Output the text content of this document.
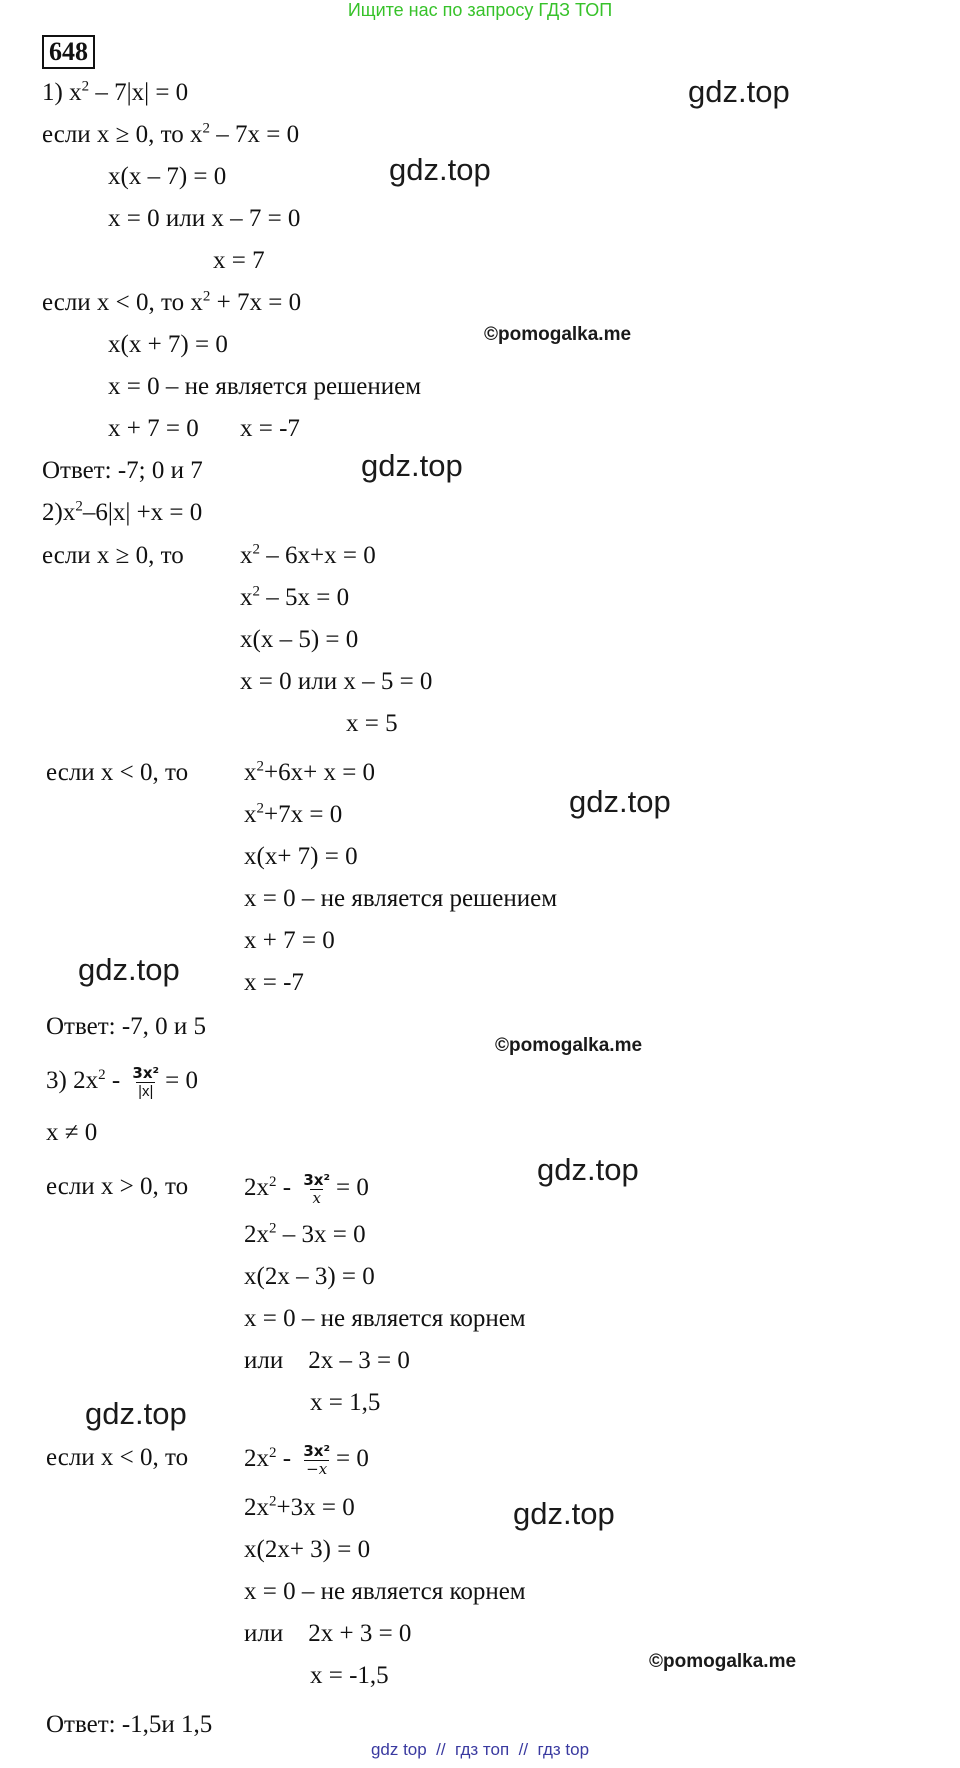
Ищите нас по запросу ГДЗ ТОП
648
1) $x^2 - 7|x| = 0$
если x ≥ 0, то $x^2 - 7x = 0$
x(x – 7) = 0
x = 0 или x – 7 = 0
x = 7
если x < 0, то $x^2 + 7x = 0$
x(x + 7) = 0
x = 0 – не является решением
x + 7 = 0 x = -7
Ответ: -7; 0 и 7
$2)x^2-6|x| +x = 0$
если x ≥ 0, то $x^2 - 6x+x = 0$
$x^2 - 5x = 0$
x(x – 5) = 0
x = 0 или x – 5 = 0
x = 5
если x < 0, то $x^2+6x+ x = 0$
$x^2+7x = 0$
x(x+ 7) = 0
x = 0 – не является решением
x + 7 = 0
x = -7
Ответ: -7, 0 и 5
3) $2x^2 - \frac{\text{3x²}}{|x|} = 0$
x ≠ 0
если x > 0, то $2x^2 - \frac{\text{3x²}}{x} = 0$
$2x^2 - 3x = 0$
x(2x – 3) = 0
x = 0 – не является корнем
или    2x – 3 = 0
x = 1,5
если x < 0, то $2x^2 - \frac{\text{3x²}}{-x} = 0$
$2x^2+3x = 0$
x(2x+ 3) = 0
x = 0 – не является корнем
или    2x + 3 = 0
x = -1,5
Ответ: -1,5и 1,5
gdz.top
gdz.top
©pomogalka.me
gdz.top
gdz.top
gdz.top
©pomogalka.me
gdz.top
gdz.top
gdz.top
©pomogalka.me
gdz top  //  гдз топ  //  гдз top
